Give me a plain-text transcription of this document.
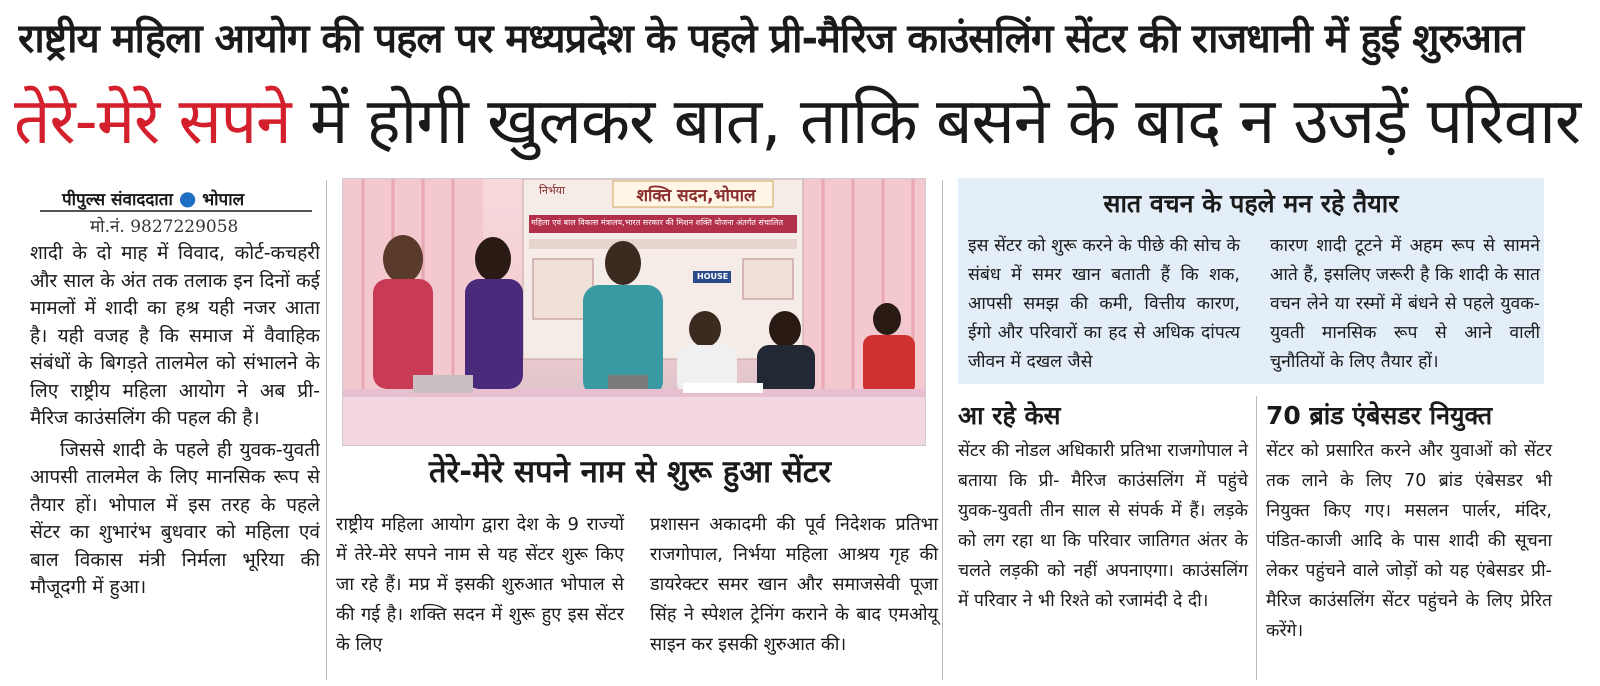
राष्ट्रीय महिला आयोग की पहल पर मध्यप्रदेश के पहले प्री-मैरिज काउंसलिंग सेंटर की राजधानी में हुई शुरुआत
तेरे-मेरे सपने में होगी खुलकर बात, ताकि बसने के बाद न उजड़ें परिवार
पीपुल्स संवाददाता ● भोपाल
मो.नं. 9827229058

शादी के दो माह में विवाद, कोर्ट-कचहरी और साल के अंत तक तलाक इन दिनों कई मामलों में शादी का हश्र यही नजर आता है। यही वजह है कि समाज में वैवाहिक संबंधों के बिगड़ते तालमेल को संभालने के लिए राष्ट्रीय महिला आयोग ने अब प्री-मैरिज काउंसलिंग की पहल की है।

जिससे शादी के पहले ही युवक-युवती आपसी तालमेल के लिए मानसिक रूप से तैयार हों। भोपाल में इस तरह के पहले सेंटर का शुभारंभ बुधवार को महिला एवं बाल विकास मंत्री निर्मला भूरिया की मौजूदगी में हुआ।

शक्ति सदन,भोपाल
निर्भया
महिला एवं बाल विकास मंत्रालय,भारत सरकार की मिशन शक्ति योजना अंतर्गत संचालित
HOUSE
तेरे-मेरे सपने नाम से शुरू हुआ सेंटर
राष्ट्रीय महिला आयोग द्वारा देश के 9 राज्यों में तेरे-मेरे सपने नाम से यह सेंटर शुरू किए जा रहे हैं। मप्र में इसकी शुरुआत भोपाल से की गई है। शक्ति सदन में शुरू हुए इस सेंटर के लिए
प्रशासन अकादमी की पूर्व निदेशक प्रतिभा राजगोपाल, निर्भया महिला आश्रय गृह की डायरेक्टर समर खान और समाजसेवी पूजा सिंह ने स्पेशल ट्रेनिंग कराने के बाद एमओयू साइन कर इसकी शुरुआत की।
सात वचन के पहले मन रहे तैयार
इस सेंटर को शुरू करने के पीछे की सोच के संबंध में समर खान बताती हैं कि शक, आपसी समझ की कमी, वित्तीय कारण, ईगो और परिवारों का हद से अधिक दांपत्य जीवन में दखल जैसे
कारण शादी टूटने में अहम रूप से सामने आते हैं, इसलिए जरूरी है कि शादी के सात वचन लेने या रस्मों में बंधने से पहले युवक-युवती मानसिक रूप से आने वाली चुनौतियों के लिए तैयार हों।
आ रहे केस
सेंटर की नोडल अधिकारी प्रतिभा राजगोपाल ने बताया कि प्री- मैरिज काउंसलिंग में पहुंचे युवक-युवती तीन साल से संपर्क में हैं। लड़के को लग रहा था कि परिवार जातिगत अंतर के चलते लड़की को नहीं अपनाएगा। काउंसलिंग में परिवार ने भी रिश्ते को रजामंदी दे दी।
70 ब्रांड एंबेसडर नियुक्त
सेंटर को प्रसारित करने और युवाओं को सेंटर तक लाने के लिए 70 ब्रांड एंबेसडर भी नियुक्त किए गए। मसलन पार्लर, मंदिर, पंडित-काजी आदि के पास शादी की सूचना लेकर पहुंचने वाले जोड़ों को यह एंबेसडर प्री-मैरिज काउंसलिंग सेंटर पहुंचने के लिए प्रेरित करेंगे।
